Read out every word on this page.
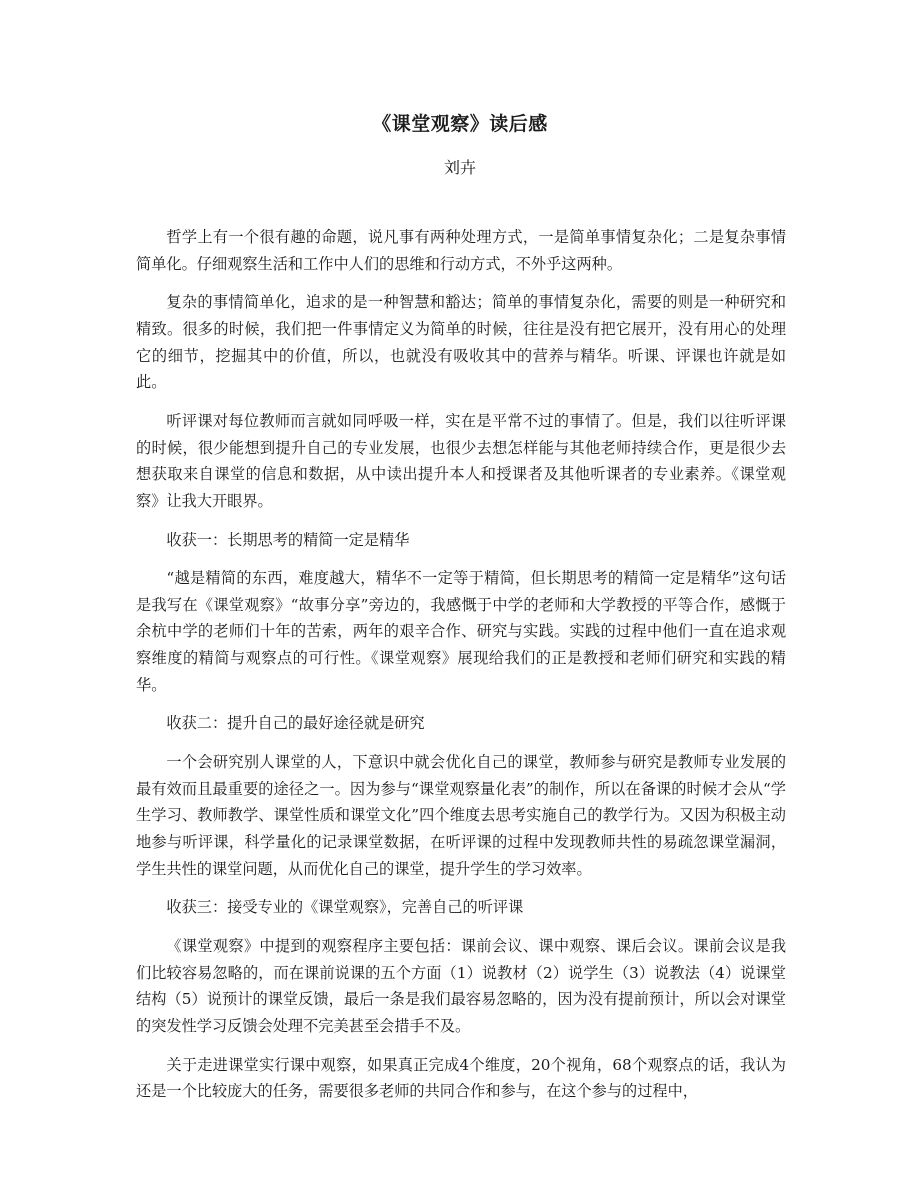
《课堂观察》读后感
刘卉

哲学上有一个很有趣的命题，说凡事有两种处理方式，一是简单事情复杂化；二是复杂事情简单化。仔细观察生活和工作中人们的思维和行动方式，不外乎这两种。

复杂的事情简单化，追求的是一种智慧和豁达；简单的事情复杂化，需要的则是一种研究和精致。很多的时候，我们把一件事情定义为简单的时候，往往是没有把它展开，没有用心的处理它的细节，挖掘其中的价值，所以，也就没有吸收其中的营养与精华。听课、评课也许就是如此。

听评课对每位教师而言就如同呼吸一样，实在是平常不过的事情了。但是，我们以往听评课的时候，很少能想到提升自己的专业发展，也很少去想怎样能与其他老师持续合作，更是很少去想获取来自课堂的信息和数据，从中读出提升本人和授课者及其他听课者的专业素养。《课堂观察》让我大开眼界。

收获一：长期思考的精简一定是精华

“越是精简的东西，难度越大，精华不一定等于精简，但长期思考的精简一定是精华”这句话是我写在《课堂观察》“故事分享”旁边的，我感慨于中学的老师和大学教授的平等合作，感慨于余杭中学的老师们十年的苦索，两年的艰辛合作、研究与实践。实践的过程中他们一直在追求观察维度的精简与观察点的可行性。《课堂观察》展现给我们的正是教授和老师们研究和实践的精华。

收获二：提升自己的最好途径就是研究

一个会研究别人课堂的人，下意识中就会优化自己的课堂，教师参与研究是教师专业发展的最有效而且最重要的途径之一。因为参与“课堂观察量化表”的制作，所以在备课的时候才会从“学生学习、教师教学、课堂性质和课堂文化”四个维度去思考实施自己的教学行为。又因为积极主动地参与听评课，科学量化的记录课堂数据，在听评课的过程中发现教师共性的易疏忽课堂漏洞，学生共性的课堂问题，从而优化自己的课堂，提升学生的学习效率。

收获三：接受专业的《课堂观察》，完善自己的听评课

《课堂观察》中提到的观察程序主要包括：课前会议、课中观察、课后会议。课前会议是我们比较容易忽略的，而在课前说课的五个方面（1）说教材（2）说学生（3）说教法（4）说课堂结构（5）说预计的课堂反馈，最后一条是我们最容易忽略的，因为没有提前预计，所以会对课堂的突发性学习反馈会处理不完美甚至会措手不及。

关于走进课堂实行课中观察，如果真正完成4个维度，20个视角，68个观察点的话，我认为还是一个比较庞大的任务，需要很多老师的共同合作和参与，在这个参与的过程中，
